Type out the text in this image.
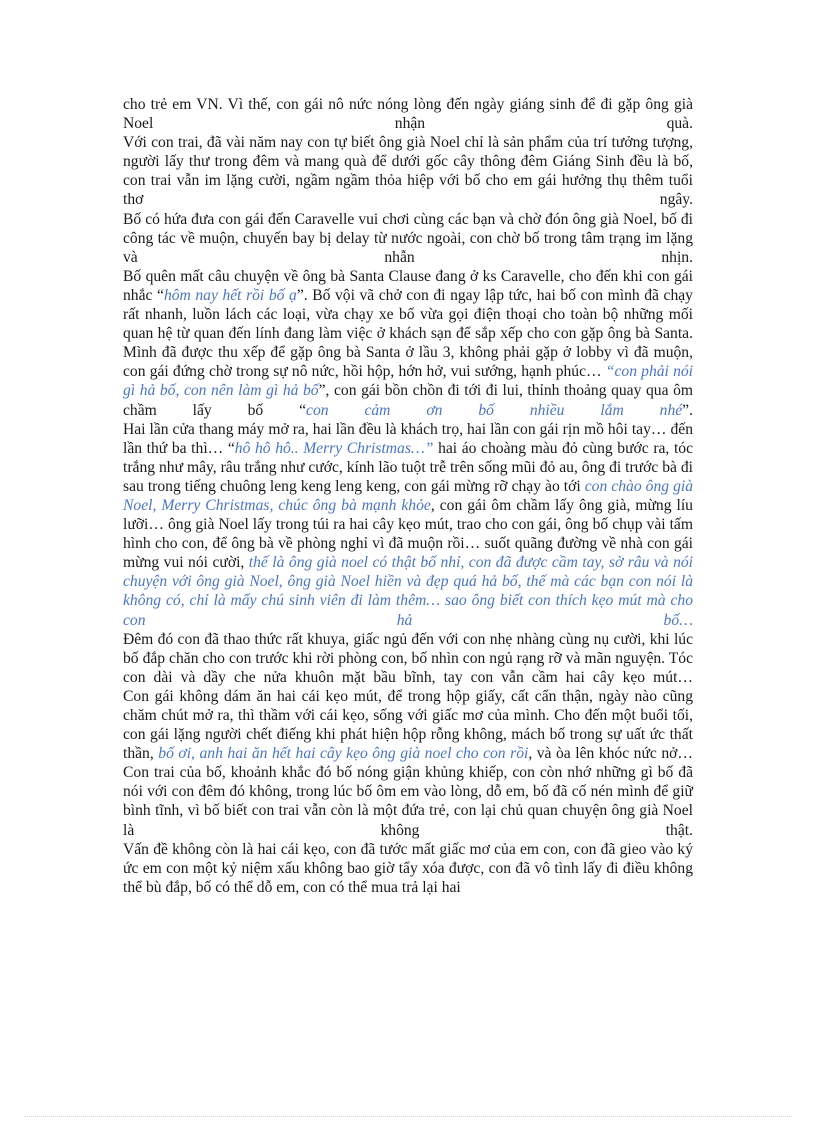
cho trẻ em VN. Vì thế, con gái nô nức nóng lòng đến ngày giáng sinh để đi gặp ông già Noel nhận quà.

Với con trai, đã vài năm nay con tự biết ông già Noel chỉ là sản phẩm của trí tưởng tượng, người lấy thư trong đêm và mang quà để dưới gốc cây thông đêm Giáng Sinh đều là bố, con trai vẫn im lặng cười, ngầm ngầm thỏa hiệp với bố cho em gái hưởng thụ thêm tuổi thơ ngây.

Bố có hứa đưa con gái đến Caravelle vui chơi cùng các bạn và chờ đón ông già Noel, bố đi công tác về muộn, chuyến bay bị delay từ nước ngoài, con chờ bố trong tâm trạng im lặng và nhẫn nhịn.

Bố quên mất câu chuyện về ông bà Santa Clause đang ở ks Caravelle, cho đến khi con gái nhắc “hôm nay hết rồi bố ạ”. Bố vội vã chở con đi ngay lập tức, hai bố con mình đã chạy rất nhanh, luồn lách các loại, vừa chạy xe bố vừa gọi điện thoại cho toàn bộ những mối quan hệ từ quan đến lính đang làm việc ở khách sạn để sắp xếp cho con gặp ông bà Santa.

Mình đã được thu xếp để gặp ông bà Santa ở lầu 3, không phải gặp ở lobby vì đã muộn, con gái đứng chờ trong sự nô nức, hồi hộp, hớn hở, vui sướng, hạnh phúc… “con phải nói gì hả bố, con nên làm gì hả bố”, con gái bồn chồn đi tới đi lui, thỉnh thoảng quay qua ôm chầm lấy bố “con cảm ơn bố nhiều lắm nhé”.

Hai lần cửa thang máy mở ra, hai lần đều là khách trọ, hai lần con gái rịn mồ hôi tay… đến lần thứ ba thì… “hô hô hô.. Merry Christmas…” hai áo choàng màu đỏ cùng bước ra, tóc trắng như mây, râu trắng như cước, kính lão tuột trễ trên sống mũi đỏ au, ông đi trước bà đi sau trong tiếng chuông leng keng leng keng, con gái mừng rỡ chạy ào tới con chào ông già Noel, Merry Christmas, chúc ông bà mạnh khỏe, con gái ôm chầm lấy ông già, mừng líu lưỡi… ông già Noel lấy trong túi ra hai cây kẹo mút, trao cho con gái, ông bố chụp vài tấm hình cho con, để ông bà về phòng nghỉ vì đã muộn rồi… suốt quãng đường về nhà con gái mừng vui nói cười, thế là ông già noel có thật bố nhỉ, con đã được cầm tay, sờ râu và nói chuyện với ông già Noel, ông già Noel hiền và đẹp quá hả bố, thế mà các bạn con nói là không có, chỉ là mấy chú sinh viên đi làm thêm… sao ông biết con thích kẹo mút mà cho con hả bố…

Đêm đó con đã thao thức rất khuya, giấc ngủ đến với con nhẹ nhàng cùng nụ cười, khi lúc bố đắp chăn cho con trước khi rời phòng con, bố nhìn con ngủ rạng rỡ và mãn nguyện. Tóc con dài và dầy che nửa khuôn mặt bầu bĩnh, tay con vẫn cầm hai cây kẹo mút…

Con gái không dám ăn hai cái kẹo mút, để trong hộp giấy, cất cẩn thận, ngày nào cũng chăm chút mở ra, thì thầm với cái kẹo, sống với giấc mơ của mình. Cho đến một buổi tối, con gái lặng người chết điếng khi phát hiện hộp rỗng không, mách bố trong sự uất ức thất thần, bố ơi, anh hai ăn hết hai cây kẹo ông già noel cho con rồi, và òa lên khóc nức nở…

Con trai của bố, khoảnh khắc đó bố nóng giận khủng khiếp, con còn nhớ những gì bố đã nói với con đêm đó không, trong lúc bố ôm em vào lòng, dỗ em, bố đã cố nén mình để giữ bình tĩnh, vì bố biết con trai vẫn còn là một đứa trẻ, con lại chủ quan chuyện ông già Noel là không thật.

Vấn đề không còn là hai cái kẹo, con đã tước mất giấc mơ của em con, con đã gieo vào ký ức em con một kỷ niệm xấu không bao giờ tẩy xóa được, con đã vô tình lấy đi điều không thể bù đắp, bố có thể dỗ em, con có thể mua trả lại hai
